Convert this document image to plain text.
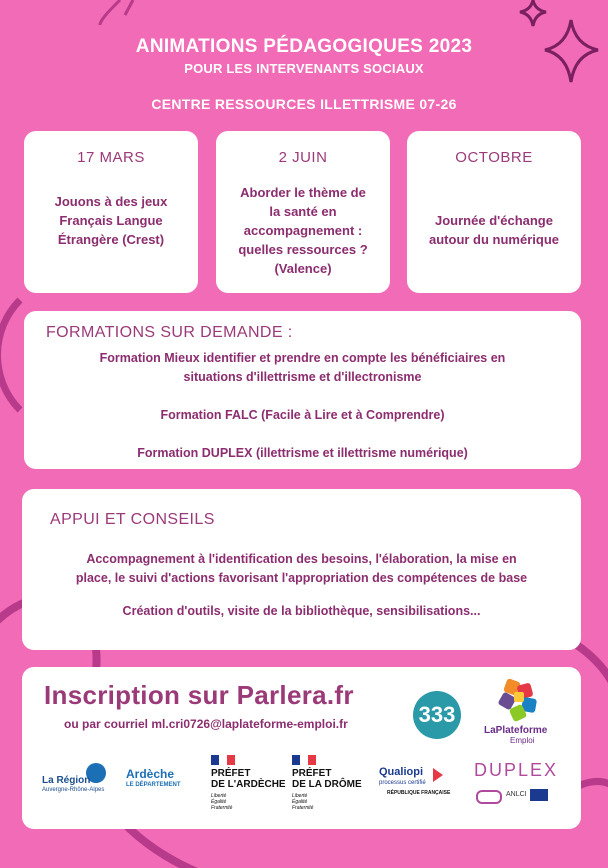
ANIMATIONS PÉDAGOGIQUES 2023
POUR LES INTERVENANTS SOCIAUX
CENTRE RESSOURCES ILLETTRISME 07-26
17 MARS
Jouons à des jeux
Français Langue
Étrangère (Crest)
2 JUIN
Aborder le thème de
la santé en
accompagnement :
quelles ressources ?
(Valence)
OCTOBRE
Journée d'échange
autour du numérique
FORMATIONS SUR DEMANDE :
Formation Mieux identifier et prendre en compte les bénéficiaires en
situations d'illettrisme et d'illectronisme
Formation FALC (Facile à Lire et à Comprendre)
Formation DUPLEX (illettrisme et illettrisme numérique)
APPUI ET CONSEILS
Accompagnement à l'identification des besoins, l'élaboration, la mise en
place, le suivi d'actions favorisant l'appropriation des compétences de base
Création d'outils, visite de la bibliothèque, sensibilisations...
Inscription sur Parlera.fr
ou par courriel ml.cri0726@laplateforme-emploi.fr	333
LaPlateforme
Emploi
La Région
Auvergne-Rhône-Alpes
Ardèche
LE DÉPARTEMENT
PRÉFET
DE L'ARDÈCHE
Liberté
Égalité
Fraternité
PRÉFET
DE LA DRÔME
Liberté
Égalité
Fraternité
Qualiopi
processus certifié
RÉPUBLIQUE FRANÇAISE
DUPLEX
ANLCI
